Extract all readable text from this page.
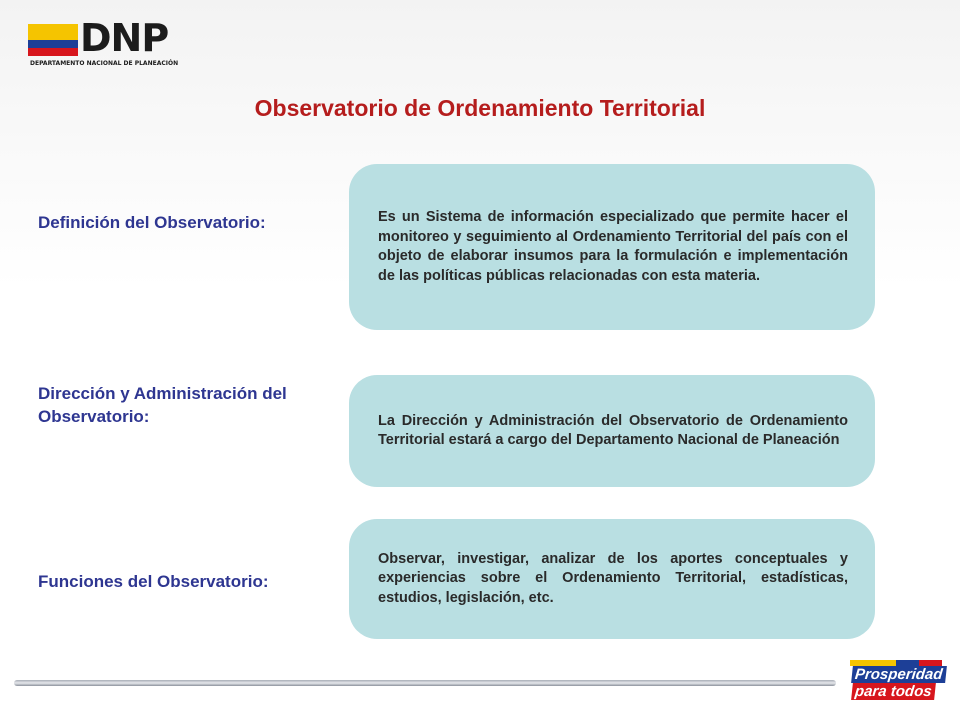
DNP
DEPARTAMENTO NACIONAL DE PLANEACIÓN
Observatorio de Ordenamiento Territorial
Definición del Observatorio:	Es un Sistema de información especializado que permite hacer el monitoreo y seguimiento al Ordenamiento Territorial del país con el objeto de elaborar insumos para la formulación e implementación de las políticas públicas relacionadas con esta materia.
Dirección y Administración del Observatorio:	La Dirección y Administración del Observatorio de Ordenamiento Territorial estará a cargo del Departamento Nacional de Planeación
Funciones del Observatorio:
Observar, investigar, analizar de los aportes conceptuales y experiencias sobre el Ordenamiento Territorial, estadísticas, estudios, legislación, etc.
Prosperidad
para todos
